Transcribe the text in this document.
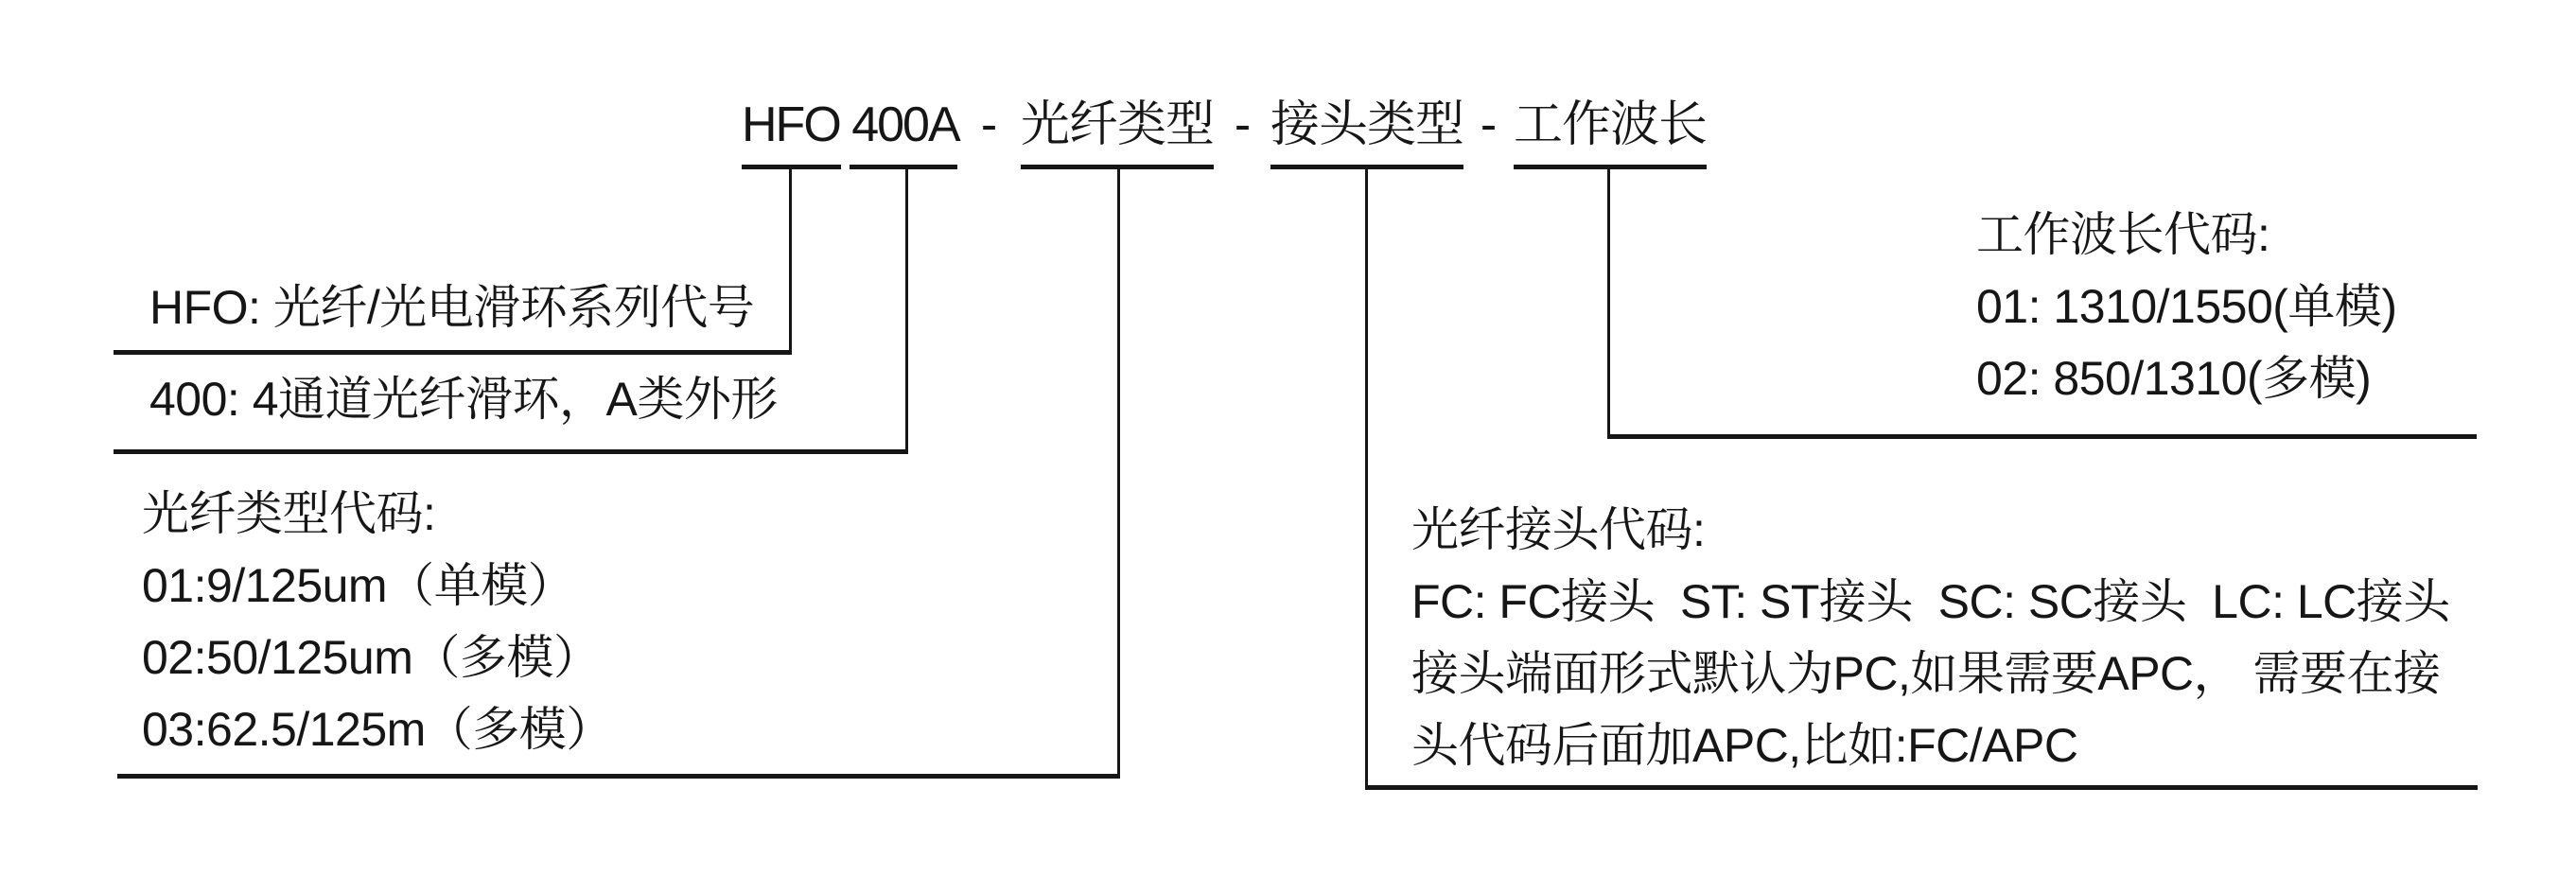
HFO 400A - 光纤类型 - 接头类型 - 工作波长
HFO: 光纤/光电滑环系列代号
400: 4通道光纤滑环，A类外形
光纤类型代码:
01:9/125um（单模）
02:50/125um（多模）
03:62.5/125m（多模）
光纤接头代码:
FC: FC接头  ST: ST接头  SC: SC接头  LC: LC接头
接头端面形式默认为PC,如果需要APC， 需要在接
头代码后面加APC,比如:FC/APC
工作波长代码:
01: 1310/1550(单模)
02: 850/1310(多模)
